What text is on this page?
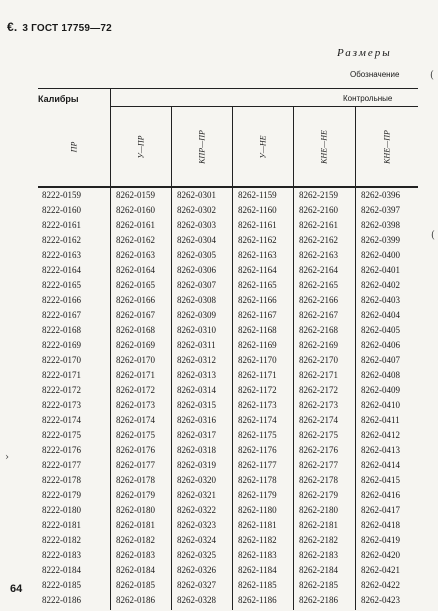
€. 3 ГОСТ 17759—72
Размеры
Обозначение
Калибры	Контрольные
ПР	У—ПР	КПР—ПР	У—НЕ	КНЕ—НЕ	КНЕ—ПР
8222-0159	8262-0159 8262-0301 8262-1159 8262-2159	8262-0396
8222-0160	8262-0160 8262-0302 8262-1160 8262-2160	8262-0397
8222-0161	8262-0161 8262-0303 8262-1161 8262-2161	8262-0398
8222-0162	8262-0162 8262-0304 8262-1162 8262-2162	8262-0399
8222-0163	8262-0163 8262-0305 8262-1163 8262-2163	8262-0400
8222-0164	8262-0164 8262-0306 8262-1164 8262-2164	8262-0401
8222-0165	8262-0165 8262-0307 8262-1165 8262-2165	8262-0402
8222-0166	8262-0166 8262-0308 8262-1166 8262-2166	8262-0403
8222-0167	8262-0167 8262-0309 8262-1167 8262-2167	8262-0404
8222-0168	8262-0168 8262-0310 8262-1168 8262-2168	8262-0405
8222-0169	8262-0169 8262-0311 8262-1169 8262-2169	8262-0406
8222-0170	8262-0170 8262-0312 8262-1170 8262-2170	8262-0407
8222-0171	8262-0171 8262-0313 8262-1171 8262-2171	8262-0408
8222-0172	8262-0172 8262-0314 8262-1172 8262-2172	8262-0409
8222-0173	8262-0173 8262-0315 8262-1173 8262-2173	8262-0410
8222-0174	8262-0174 8262-0316 8262-1174 8262-2174	8262-0411
8222-0175	8262-0175 8262-0317 8262-1175 8262-2175	8262-0412
8222-0176	8262-0176 8262-0318 8262-1176 8262-2176	8262-0413
8222-0177	8262-0177 8262-0319 8262-1177 8262-2177	8262-0414
8222-0178	8262-0178 8262-0320 8262-1178 8262-2178	8262-0415
8222-0179	8262-0179 8262-0321 8262-1179 8262-2179	8262-0416
8222-0180	8262-0180 8262-0322 8262-1180 8262-2180	8262-0417
8222-0181	8262-0181 8262-0323 8262-1181 8262-2181	8262-0418
8222-0182	8262-0182 8262-0324 8262-1182 8262-2182	8262-0419
8222-0183	8262-0183 8262-0325 8262-1183 8262-2183	8262-0420
8222-0184	8262-0184 8262-0326 8262-1184 8262-2184	8262-0421
8222-0185	8262-0185 8262-0327 8262-1185 8262-2185	8262-0422
8222-0186	8262-0186 8262-0328 8262-1186 8262-2186	8262-0423
64
(
(
›
